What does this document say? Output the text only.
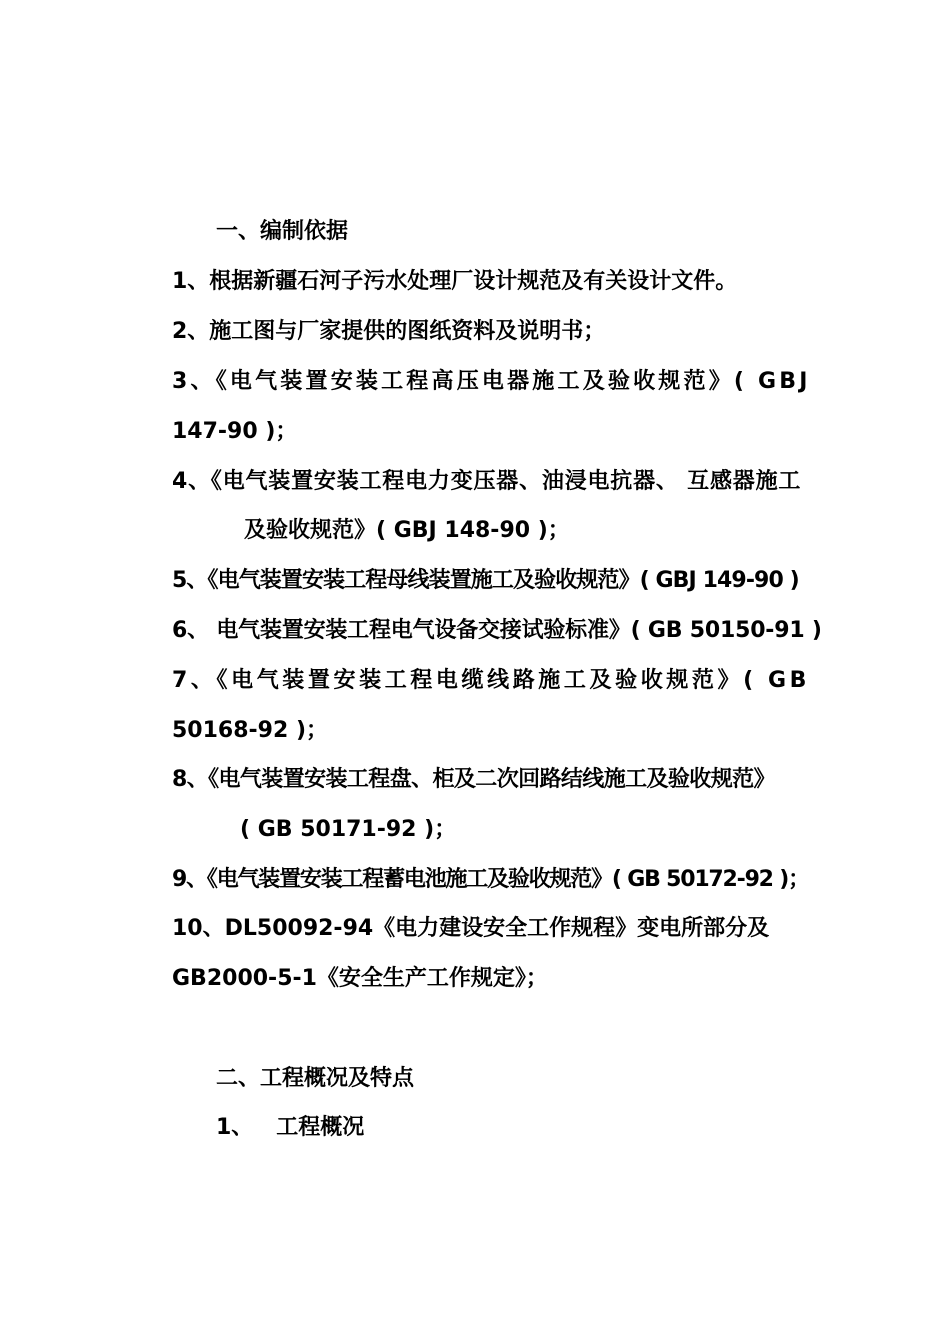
一、编制依据
1、根据新疆石河子污水处理厂设计规范及有关设计文件。
2、施工图与厂家提供的图纸资料及说明书；
3、《电气装置安装工程高压电器施工及验收规范》( GBJ
147-90 )；
4、《电气装置安装工程电力变压器、油浸电抗器、 互感器施工
及验收规范》( GBJ 148-90 )；
5、《电气装置安装工程母线装置施工及验收规范》( GBJ 149-90 )
6、 电气装置安装工程电气设备交接试验标准》( GB 50150-91 )
7、《电气装置安装工程电缆线路施工及验收规范》( GB
50168-92 )；
8、《电气装置安装工程盘、柜及二次回路结线施工及验收规范》
( GB 50171-92 )；
9、《电气装置安装工程蓄电池施工及验收规范》( GB 50172-92 )；
10、DL50092-94《电力建设安全工作规程》变电所部分及
GB2000-5-1《安全生产工作规定》；
二、工程概况及特点
1、   工程概况
